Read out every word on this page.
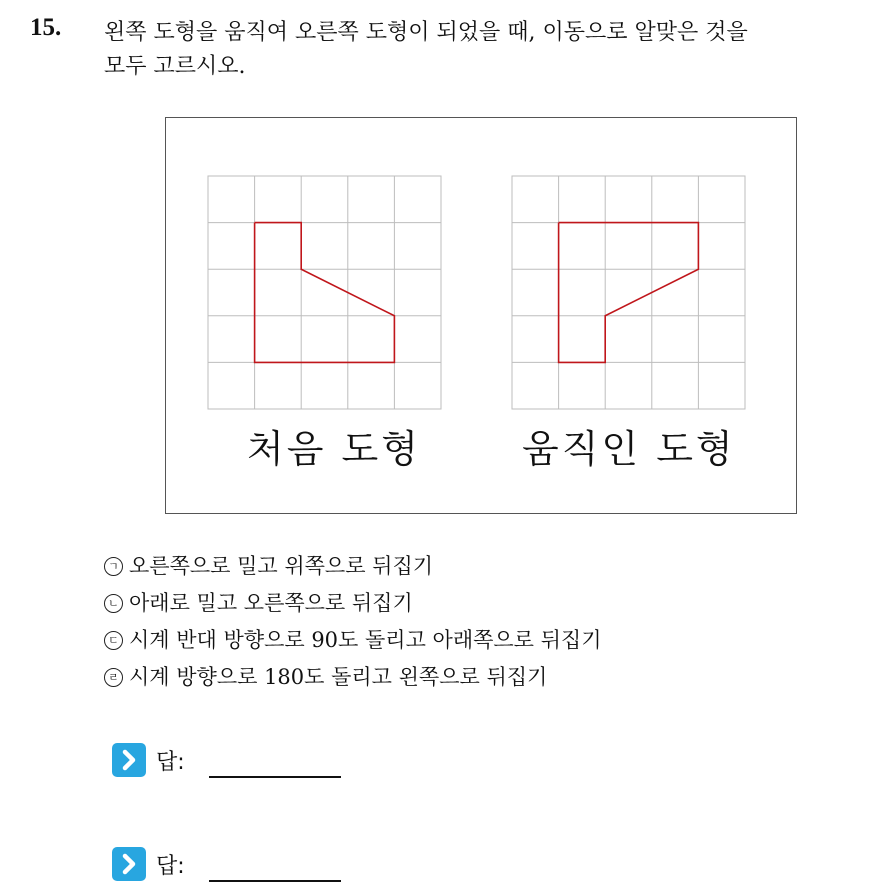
15. 왼쪽 도형을 움직여 오른쪽 도형이 되었을 때, 이동으로 알맞은 것을
모두 고르시오.
처음 도형	움직인 도형
ㄱ 오른쪽으로 밀고 위쪽으로 뒤집기
ㄴ 아래로 밀고 오른쪽으로 뒤집기
ㄷ 시계 반대 방향으로 90도 돌리고 아래쪽으로 뒤집기
ㄹ 시계 방향으로 180도 돌리고 왼쪽으로 뒤집기
답:
답:
